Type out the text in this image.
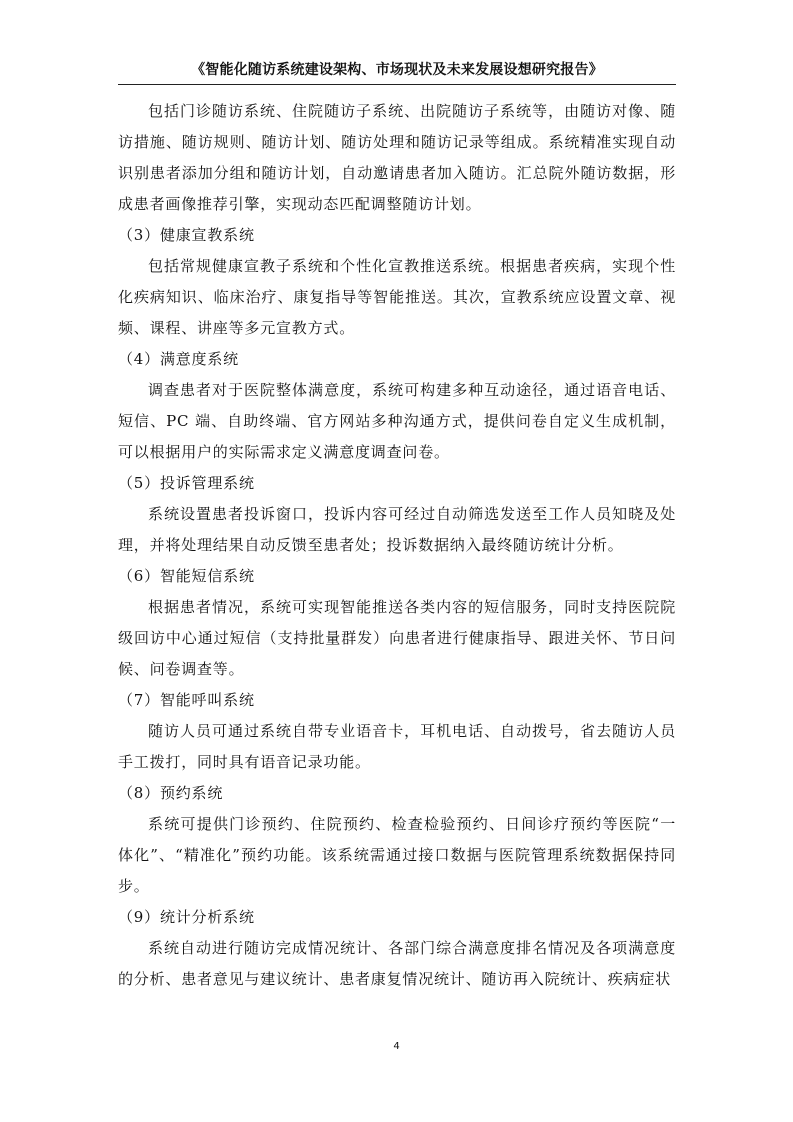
《智能化随访系统建设架构、市场现状及未来发展设想研究报告》

包括门诊随访系统、住院随访子系统、出院随访子系统等，由随访对像、随访措施、随访规则、随访计划、随访处理和随访记录等组成。系统精准实现自动识别患者添加分组和随访计划，自动邀请患者加入随访。汇总院外随访数据，形成患者画像推荐引擎，实现动态匹配调整随访计划。

（3）健康宣教系统

包括常规健康宣教子系统和个性化宣教推送系统。根据患者疾病，实现个性化疾病知识、临床治疗、康复指导等智能推送。其次，宣教系统应设置文章、视频、课程、讲座等多元宣教方式。

（4）满意度系统

调查患者对于医院整体满意度，系统可构建多种互动途径，通过语音电话、短信、PC 端、自助终端、官方网站多种沟通方式，提供问卷自定义生成机制，可以根据用户的实际需求定义满意度调查问卷。

（5）投诉管理系统

系统设置患者投诉窗口，投诉内容可经过自动筛选发送至工作人员知晓及处理，并将处理结果自动反馈至患者处；投诉数据纳入最终随访统计分析。

（6）智能短信系统

根据患者情况，系统可实现智能推送各类内容的短信服务，同时支持医院院级回访中心通过短信（支持批量群发）向患者进行健康指导、跟进关怀、节日问候、问卷调查等。

（7）智能呼叫系统

随访人员可通过系统自带专业语音卡，耳机电话、自动拨号，省去随访人员手工拨打，同时具有语音记录功能。

（8）预约系统

系统可提供门诊预约、住院预约、检查检验预约、日间诊疗预约等医院“一体化”、“精准化”预约功能。该系统需通过接口数据与医院管理系统数据保持同步。

（9）统计分析系统

系统自动进行随访完成情况统计、各部门综合满意度排名情况及各项满意度的分析、患者意见与建议统计、患者康复情况统计、随访再入院统计、疾病症状

4
